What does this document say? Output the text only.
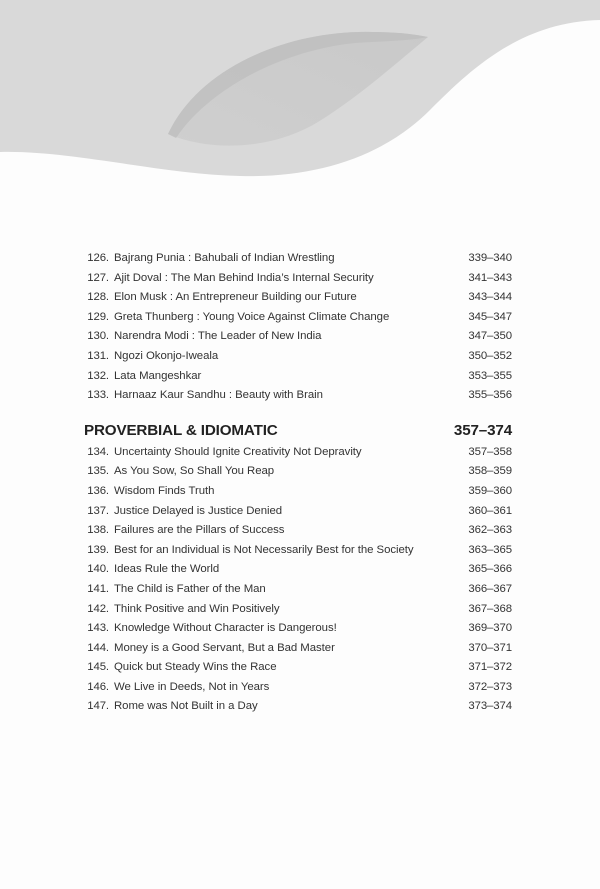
126. Bajrang Punia : Bahubali of Indian Wrestling	339–340
127. Ajit Doval : The Man Behind India’s Internal Security	341–343
128. Elon Musk : An Entrepreneur Building our Future	343–344
129. Greta Thunberg : Young Voice Against Climate Change	345–347
130. Narendra Modi : The Leader of New India	347–350
131. Ngozi Okonjo-Iweala	350–352
132. Lata Mangeshkar	353–355
133. Harnaaz Kaur Sandhu : Beauty with Brain	355–356
PROVERBIAL & IDIOMATIC	357–374
134. Uncertainty Should Ignite Creativity Not Depravity	357–358
135. As You Sow, So Shall You Reap	358–359
136. Wisdom Finds Truth	359–360
137. Justice Delayed is Justice Denied	360–361
138. Failures are the Pillars of Success	362–363
139. Best for an Individual is Not Necessarily Best for the Society	363–365
140. Ideas Rule the World	365–366
141. The Child is Father of the Man	366–367
142. Think Positive and Win Positively	367–368
143. Knowledge Without Character is Dangerous!	369–370
144. Money is a Good Servant, But a Bad Master	370–371
145. Quick but Steady Wins the Race	371–372
146. We Live in Deeds, Not in Years	372–373
147. Rome was Not Built in a Day	373–374
